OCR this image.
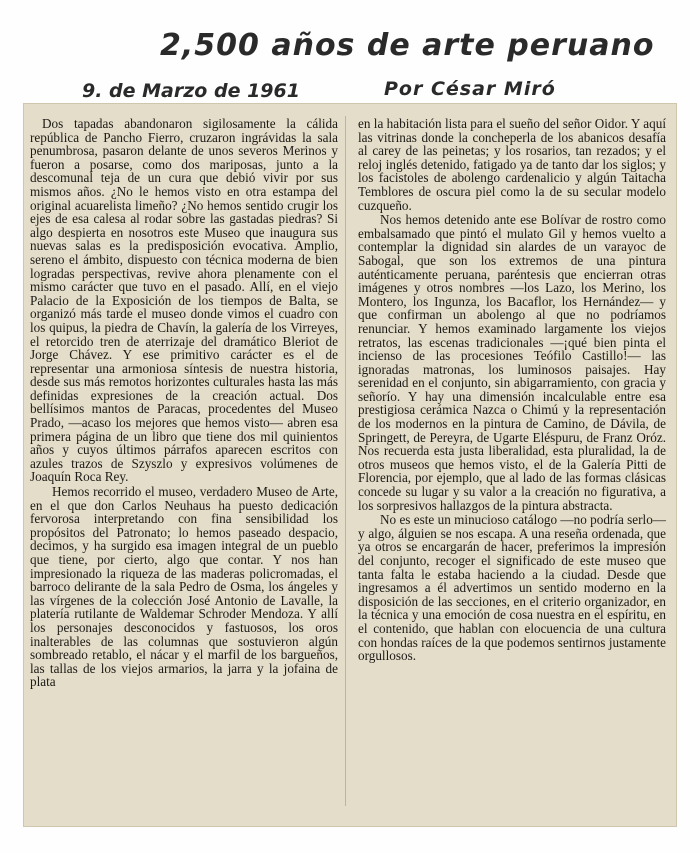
2,500 años de arte peruano
9. de Marzo de 1961	Por César Miró

Dos tapadas abandonaron sigilosamente la cálida república de Pancho Fierro, cruzaron ingrávidas la sala penumbrosa, pasaron delante de unos severos Merinos y fueron a posarse, como dos mariposas, junto a la descomunal teja de un cura que debió vivir por sus mismos años. ¿No le hemos visto en otra estampa del original acuarelista limeño? ¿No hemos sentido crugir los ejes de esa calesa al rodar sobre las gastadas piedras? Si algo despierta en nosotros este Museo que inaugura sus nuevas salas es la predisposición evocativa. Amplio, sereno el ámbito, dispuesto con técnica moderna de bien logradas perspectivas, revive ahora plenamente con el mismo carácter que tuvo en el pasado. Allí, en el viejo Palacio de la Exposición de los tiempos de Balta, se organizó más tarde el museo donde vimos el cuadro con los quipus, la piedra de Chavín, la galería de los Virreyes, el retorcido tren de aterrizaje del dramático Bleriot de Jorge Chávez. Y ese primitivo carácter es el de representar una armoniosa síntesis de nuestra historia, desde sus más remotos horizontes culturales hasta las más definidas expresiones de la creación actual. Dos bellísimos mantos de Paracas, procedentes del Museo Prado, —acaso los mejores que hemos visto— abren esa primera página de un libro que tiene dos mil quinientos años y cuyos últimos párrafos aparecen escritos con azules trazos de Szyszlo y expresivos volúmenes de Joaquín Roca Rey.

Hemos recorrido el museo, verdadero Museo de Arte, en el que don Carlos Neuhaus ha puesto dedicación fervorosa interpretando con fina sensibilidad los propósitos del Patronato; lo hemos paseado despacio, decimos, y ha surgido esa imagen integral de un pueblo que tiene, por cierto, algo que contar. Y nos han impresionado la riqueza de las maderas policromadas, el barroco delirante de la sala Pedro de Osma, los ángeles y las vírgenes de la colección José Antonio de Lavalle, la platería rutilante de Waldemar Schroder Mendoza. Y allí los personajes desconocidos y fastuosos, los oros inalterables de las columnas que sostuvieron algún sombreado retablo, el nácar y el marfil de los bargueños, las tallas de los viejos armarios, la jarra y la jofaina de plata

en la habitación lista para el sueño del señor Oidor. Y aquí las vitrinas donde la concheperla de los abanicos desafía al carey de las peinetas; y los rosarios, tan rezados; y el reloj inglés detenido, fatigado ya de tanto dar los siglos; y los facistoles de abolengo cardenalicio y algún Taitacha Temblores de oscura piel como la de su secular modelo cuzqueño.

Nos hemos detenido ante ese Bolívar de rostro como embalsamado que pintó el mulato Gil y hemos vuelto a contemplar la dignidad sin alardes de un varayoc de Sabogal, que son los extremos de una pintura auténticamente peruana, paréntesis que encierran otras imágenes y otros nombres —los Lazo, los Merino, los Montero, los Ingunza, los Bacaflor, los Hernández— y que confirman un abolengo al que no podríamos renunciar. Y hemos examinado largamente los viejos retratos, las escenas tradicionales —¡qué bien pinta el incienso de las procesiones Teófilo Castillo!— las ignoradas matronas, los luminosos paisajes. Hay serenidad en el conjunto, sin abigarramiento, con gracia y señorío. Y hay una dimensión incalculable entre esa prestigiosa cerámica Nazca o Chimú y la representación de los modernos en la pintura de Camino, de Dávila, de Springett, de Pereyra, de Ugarte Eléspuru, de Franz Oróz. Nos recuerda esta justa liberalidad, esta pluralidad, la de otros museos que hemos visto, el de la Galería Pitti de Florencia, por ejemplo, que al lado de las formas clásicas concede su lugar y su valor a la creación no figurativa, a los sorpresivos hallazgos de la pintura abstracta.

No es este un minucioso catálogo —no podría serlo— y algo, álguien se nos escapa. A una reseña ordenada, que ya otros se encargarán de hacer, preferimos la impresión del conjunto, recoger el significado de este museo que tanta falta le estaba haciendo a la ciudad. Desde que ingresamos a él advertimos un sentido moderno en la disposición de las secciones, en el criterio organizador, en la técnica y una emoción de cosa nuestra en el espíritu, en el contenido, que hablan con elocuencia de una cultura con hondas raíces de la que podemos sentirnos justamente orgullosos.
